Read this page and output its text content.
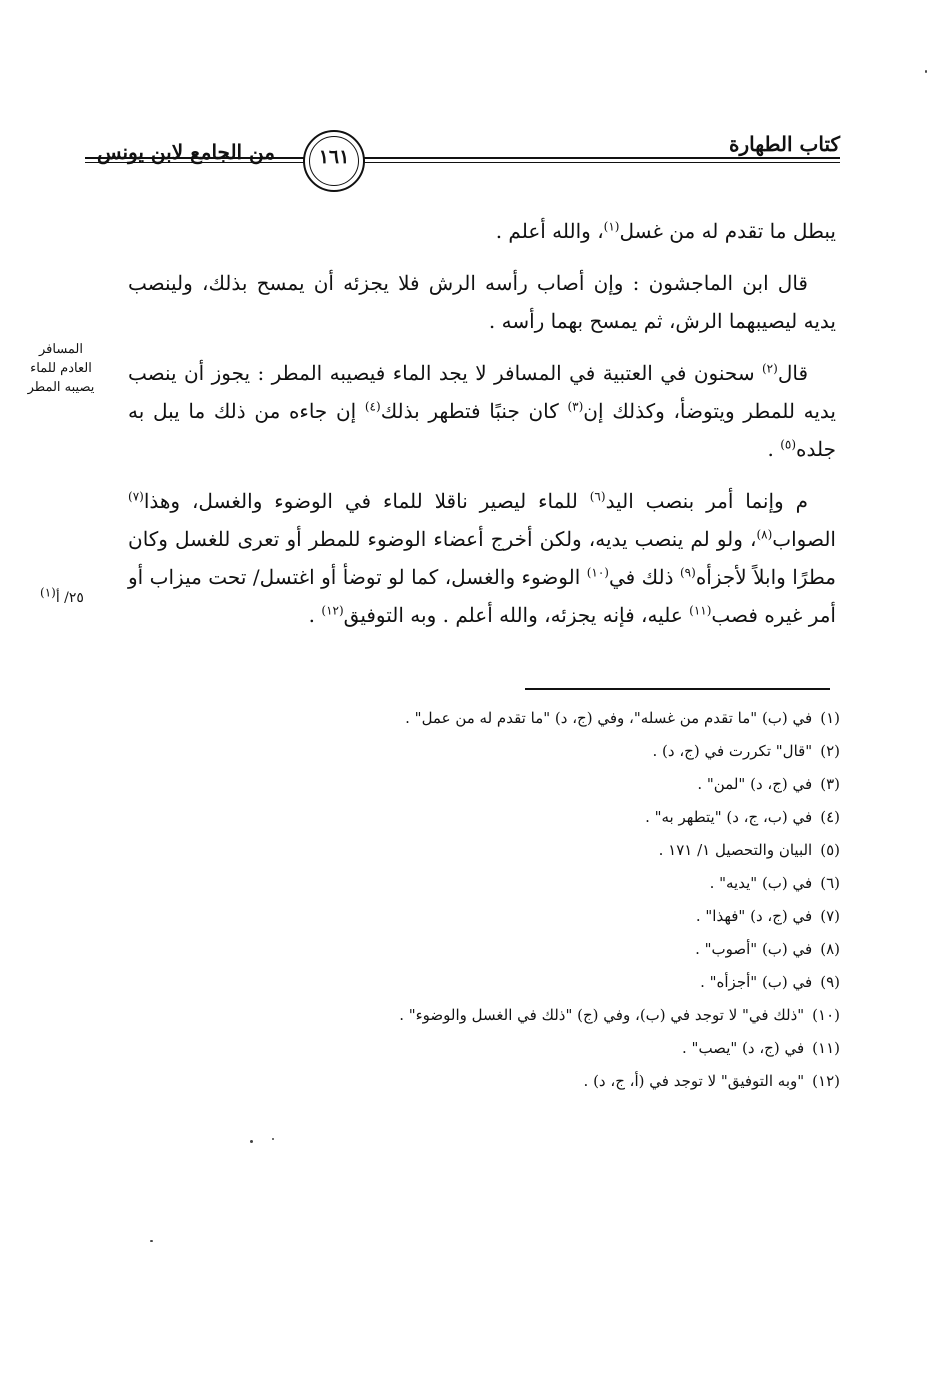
كتاب الطهارة
من الجامع لابن يونس	١٦١
المسافر العادم للماء يصيبه المطر
٢٥/ أ$^{(١)}$

يبطل ما تقدم له من غسل$^{(١)}$، والله أعلم .

قال ابن الماجشون : وإن أصاب رأسه الرش فلا يجزئه أن يمسح بذلك، ولينصب يديه ليصيبهما الرش، ثم يمسح بهما رأسه .

قال$^{(٢)}$ سحنون في العتبية في المسافر لا يجد الماء فيصيبه المطر : يجوز أن ينصب يديه للمطر ويتوضأ، وكذلك إن$^{(٣)}$ كان جنبًا فتطهر بذلك$^{(٤)}$ إن جاءه من ذلك ما يبل به جلده$^{(٥)}$ .

م وإنما أمر بنصب اليد$^{(٦)}$ للماء ليصير ناقلا للماء في الوضوء والغسل، وهذا$^{(٧)}$ الصواب$^{(٨)}$، ولو لم ينصب يديه، ولكن أخرج أعضاء الوضوء للمطر أو تعرى للغسل وكان مطرًا وابلاً لأجزأه$^{(٩)}$ ذلك في$^{(١٠)}$ الوضوء والغسل، كما لو توضأ أو اغتسل/ تحت ميزاب أو أمر غيره فصب$^{(١١)}$ عليه، فإنه يجزئه، والله أعلم . وبه التوفيق$^{(١٢)}$ .

(١)في (ب) "ما تقدم من غسله"، وفي (ج، د) "ما تقدم له من عمل" .
(٢)"قال" تكررت في (ج، د) .
(٣)في (ج، د) "لمن" .
(٤)في (ب، ج، د) "يتطهر به" .
(٥)البيان والتحصيل ١/ ١٧١ .
(٦)في (ب) "يديه" .
(٧)في (ج، د) "فهذا" .
(٨)في (ب) "أصوب" .
(٩)في (ب) "أجزأه" .
(١٠)"ذلك في" لا توجد في (ب)، وفي (ج) "ذلك في الغسل والوضوء" .
(١١)في (ج، د) "يصب" .
(١٢)"وبه التوفيق" لا توجد في (أ، ج، د) .
